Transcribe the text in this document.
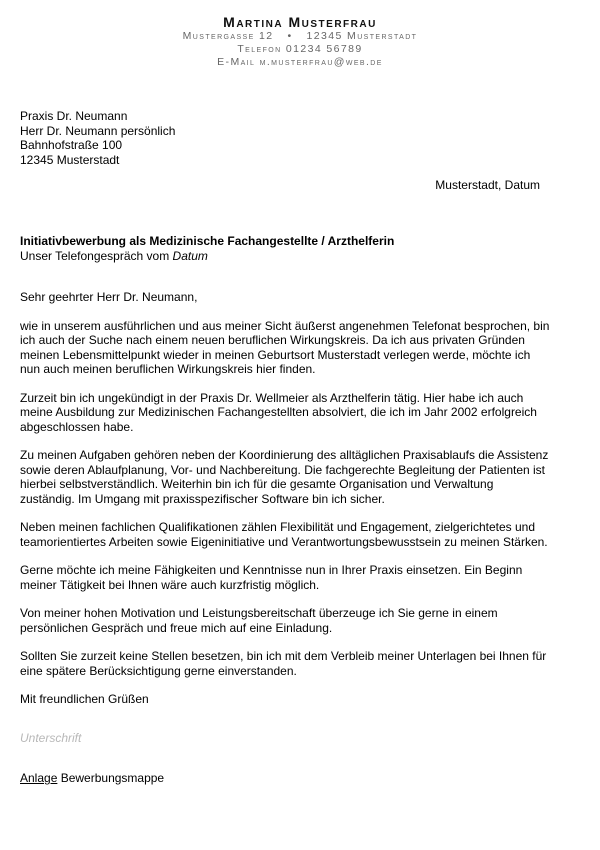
Martina Musterfrau
Mustergasse 12 • 12345 Musterstadt
Telefon 01234 56789
E-Mail m.musterfrau@web.de
Praxis Dr. Neumann
Herr Dr. Neumann persönlich
Bahnhofstraße 100
12345 Musterstadt
Musterstadt, Datum
Initiativbewerbung als Medizinische Fachangestellte / Arzthelferin
Unser Telefongespräch vom Datum
Sehr geehrter Herr Dr. Neumann,

wie in unserem ausführlichen und aus meiner Sicht äußerst angenehmen Telefonat besprochen, bin ich auch der Suche nach einem neuen beruflichen Wirkungskreis. Da ich aus privaten Gründen meinen Lebensmittelpunkt wieder in meinen Geburtsort Musterstadt verlegen werde, möchte ich nun auch meinen beruflichen Wirkungskreis hier finden.

Zurzeit bin ich ungekündigt in der Praxis Dr. Wellmeier als Arzthelferin tätig. Hier habe ich auch meine Ausbildung zur Medizinischen Fachangestellten absolviert, die ich im Jahr 2002 erfolgreich abgeschlossen habe.

Zu meinen Aufgaben gehören neben der Koordinierung des alltäglichen Praxisablaufs die Assistenz sowie deren Ablaufplanung, Vor- und Nachbereitung. Die fachgerechte Begleitung der Patienten ist hierbei selbstverständlich. Weiterhin bin ich für die gesamte Organisation und Verwaltung zuständig. Im Umgang mit praxisspezifischer Software bin ich sicher.

Neben meinen fachlichen Qualifikationen zählen Flexibilität und Engagement, zielgerichtetes und teamorientiertes Arbeiten sowie Eigeninitiative und Verantwortungsbewusstsein zu meinen Stärken.

Gerne möchte ich meine Fähigkeiten und Kenntnisse nun in Ihrer Praxis einsetzen. Ein Beginn meiner Tätigkeit bei Ihnen wäre auch kurzfristig möglich.

Von meiner hohen Motivation und Leistungsbereitschaft überzeuge ich Sie gerne in einem persönlichen Gespräch und freue mich auf eine Einladung.

Sollten Sie zurzeit keine Stellen besetzen, bin ich mit dem Verbleib meiner Unterlagen bei Ihnen für eine spätere Berücksichtigung gerne einverstanden.

Mit freundlichen Grüßen

Unterschrift
Anlage Bewerbungsmappe
